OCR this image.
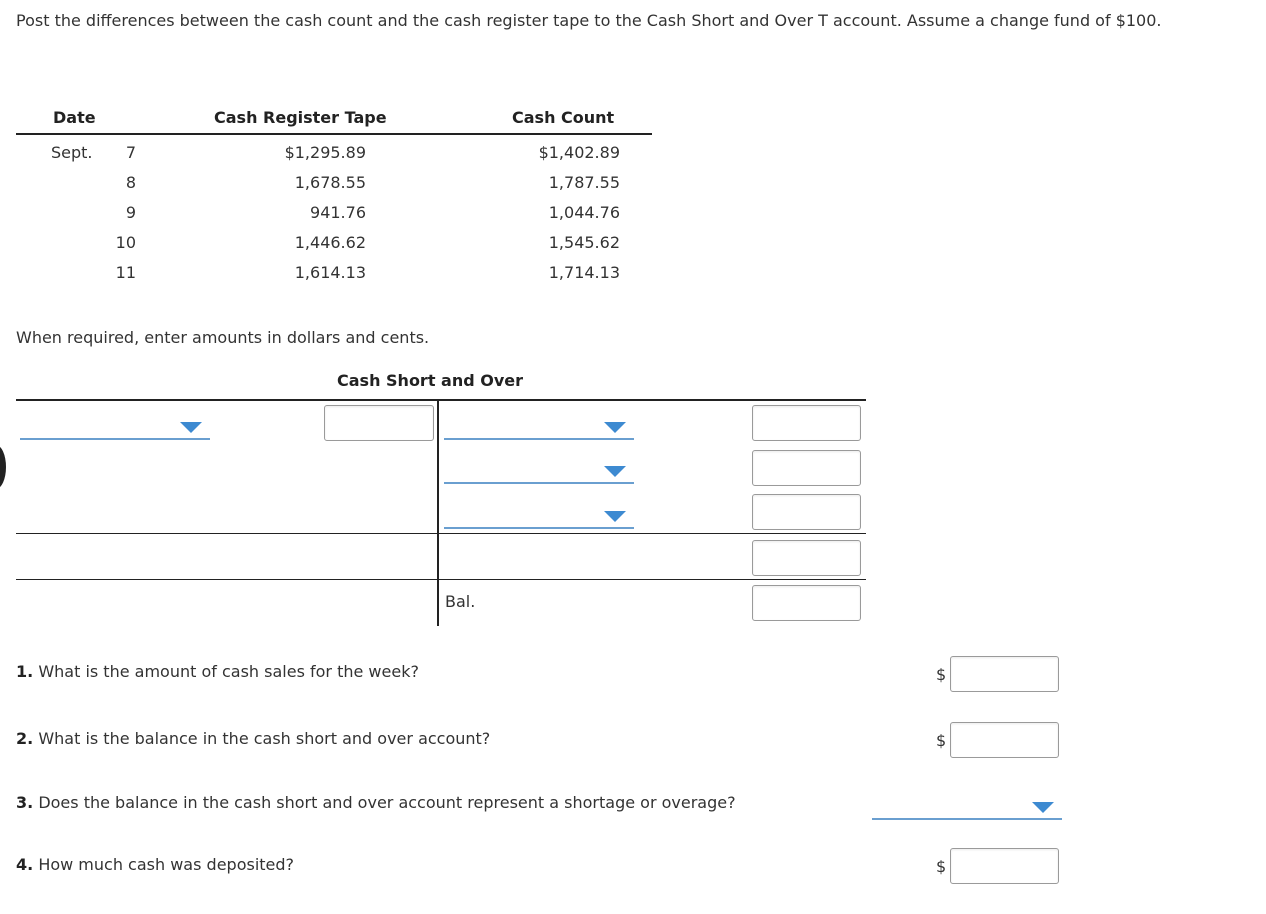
Post the differences between the cash count and the cash register tape to the Cash Short and Over T account. Assume a change fund of $100.
Date	Cash Register Tape	Cash Count
Sept.	7	$1,295.89	$1,402.89
8	1,678.55	1,787.55
9	941.76	1,044.76
10	1,446.62	1,545.62
11	1,614.13	1,714.13
When required, enter amounts in dollars and cents.
Cash Short and Over
Bal.
1. What is the amount of cash sales for the week?	$
2. What is the balance in the cash short and over account?	$
3. Does the balance in the cash short and over account represent a shortage or overage?
4. How much cash was deposited?	$
